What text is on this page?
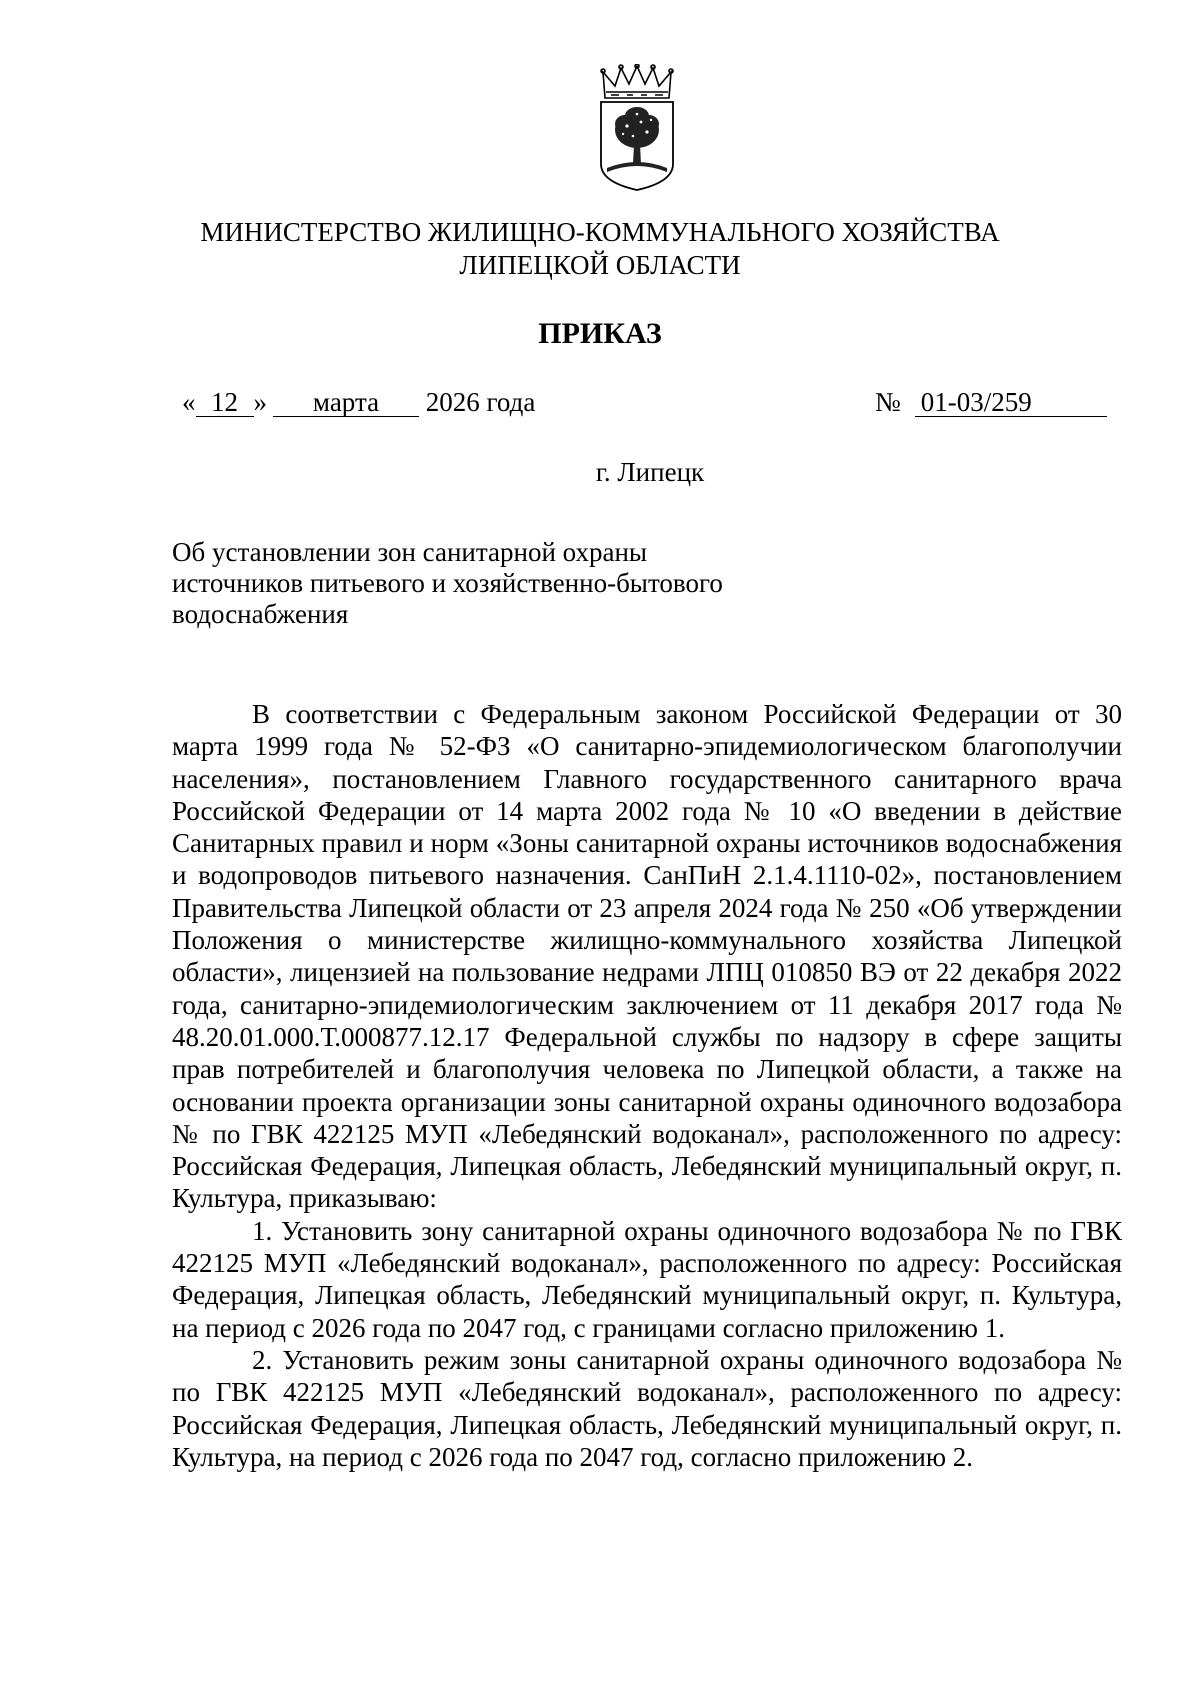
МИНИСТЕРСТВО ЖИЛИЩНО-КОММУНАЛЬНОГО ХОЗЯЙСТВА
ЛИПЕЦКОЙ ОБЛАСТИ
ПРИКАЗ
« 12 » марта 2026 года	№ 01-03/259
г. Липецк
Об установлении зон санитарной охраны
источников питьевого и хозяйственно-бытового
водоснабжения

В соответствии с Федеральным законом Российской Федерации от 30 марта 1999 года № 52-ФЗ «О санитарно-эпидемиологическом благополучии населения», постановлением Главного государственного санитарного врача Российской Федерации от 14 марта 2002 года № 10 «О введении в действие Санитарных правил и норм «Зоны санитарной охраны источников водоснабжения и водопроводов питьевого назначения. СанПиН 2.1.4.1110-02», постановлением Правительства Липецкой области от 23 апреля 2024 года № 250 «Об утверждении Положения о министерстве жилищно-коммунального хозяйства Липецкой области», лицензией на пользование недрами ЛПЦ 010850 ВЭ от 22 декабря 2022 года, санитарно-эпидемиологическим заключением от 11 декабря 2017 года № 48.20.01.000.Т.000877.12.17 Федеральной службы по надзору в сфере защиты прав потребителей и благополучия человека по Липецкой области, а также на основании проекта организации зоны санитарной охраны одиночного водозабора № по ГВК 422125 МУП «Лебедянский водоканал», расположенного по адресу: Российская Федерация, Липецкая область, Лебедянский муниципальный округ, п. Культура, приказываю:

1. Установить зону санитарной охраны одиночного водозабора № по ГВК 422125 МУП «Лебедянский водоканал», расположенного по адресу: Российская Федерация, Липецкая область, Лебедянский муниципальный округ, п. Культура, на период с 2026 года по 2047 год, с границами согласно приложению 1.

2. Установить режим зоны санитарной охраны одиночного водозабора № по ГВК 422125 МУП «Лебедянский водоканал», расположенного по адресу: Российская Федерация, Липецкая область, Лебедянский муниципальный округ, п. Культура, на период с 2026 года по 2047 год, согласно приложению 2.
